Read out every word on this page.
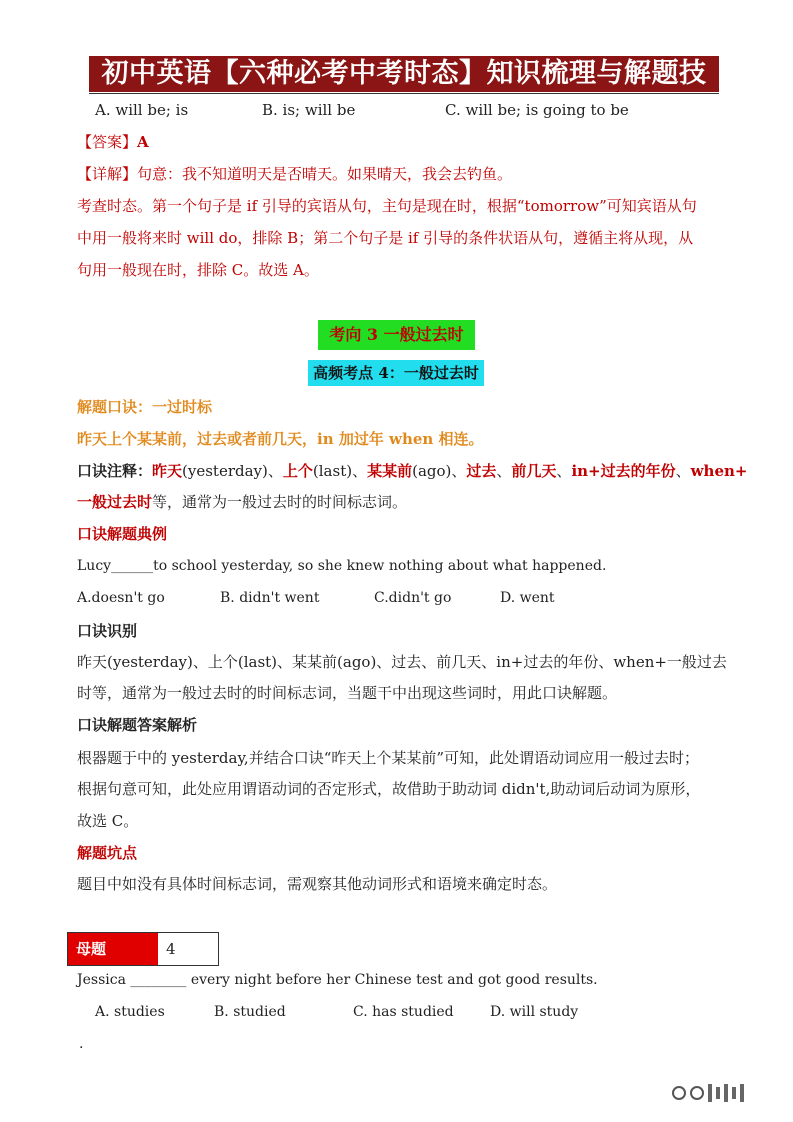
初中英语【六种必考中考时态】知识梳理与解题技巧
A. will be; is	B. is; will be	C. will be; is going to be
【答案】A
【详解】句意：我不知道明天是否晴天。如果晴天，我会去钓鱼。
考查时态。第一个句子是 if 引导的宾语从句，主句是现在时，根据“tomorrow”可知宾语从句
中用一般将来时 will do，排除 B；第二个句子是 if 引导的条件状语从句，遵循主将从现，从
句用一般现在时，排除 C。故选 A。
考向 3 一般过去时
高频考点 4：一般过去时
解题口诀：一过时标
昨天上个某某前，过去或者前几天，in 加过年 when 相连。
口诀注释：昨天(yesterday)、上个(last)、某某前(ago)、过去、前几天、in+过去的年份、when+
一般过去时等，通常为一般过去时的时间标志词。
口诀解题典例
Lucy______to school yesterday, so she knew nothing about what happened.
A.doesn't go	B. didn't went	C.didn't go	D. went
口诀识别
昨天(yesterday)、上个(last)、某某前(ago)、过去、前几天、in+过去的年份、when+一般过去
时等，通常为一般过去时的时间标志词，当题干中出现这些词时，用此口诀解题。
口诀解题答案解析
根器题于中的 yesterday,并结合口诀“昨天上个某某前”可知，此处谓语动词应用一般过去时；
根据句意可知，此处应用谓语动词的否定形式，故借助于助动词 didn't,助动词后动词为原形，
故选 C。
解题坑点
题目中如没有具体时间标志词，需观察其他动词形式和语境来确定时态。
母题	4
Jessica ________ every night before her Chinese test and got good results.
A. studies	B. studied	C. has studied	D. will study
.
